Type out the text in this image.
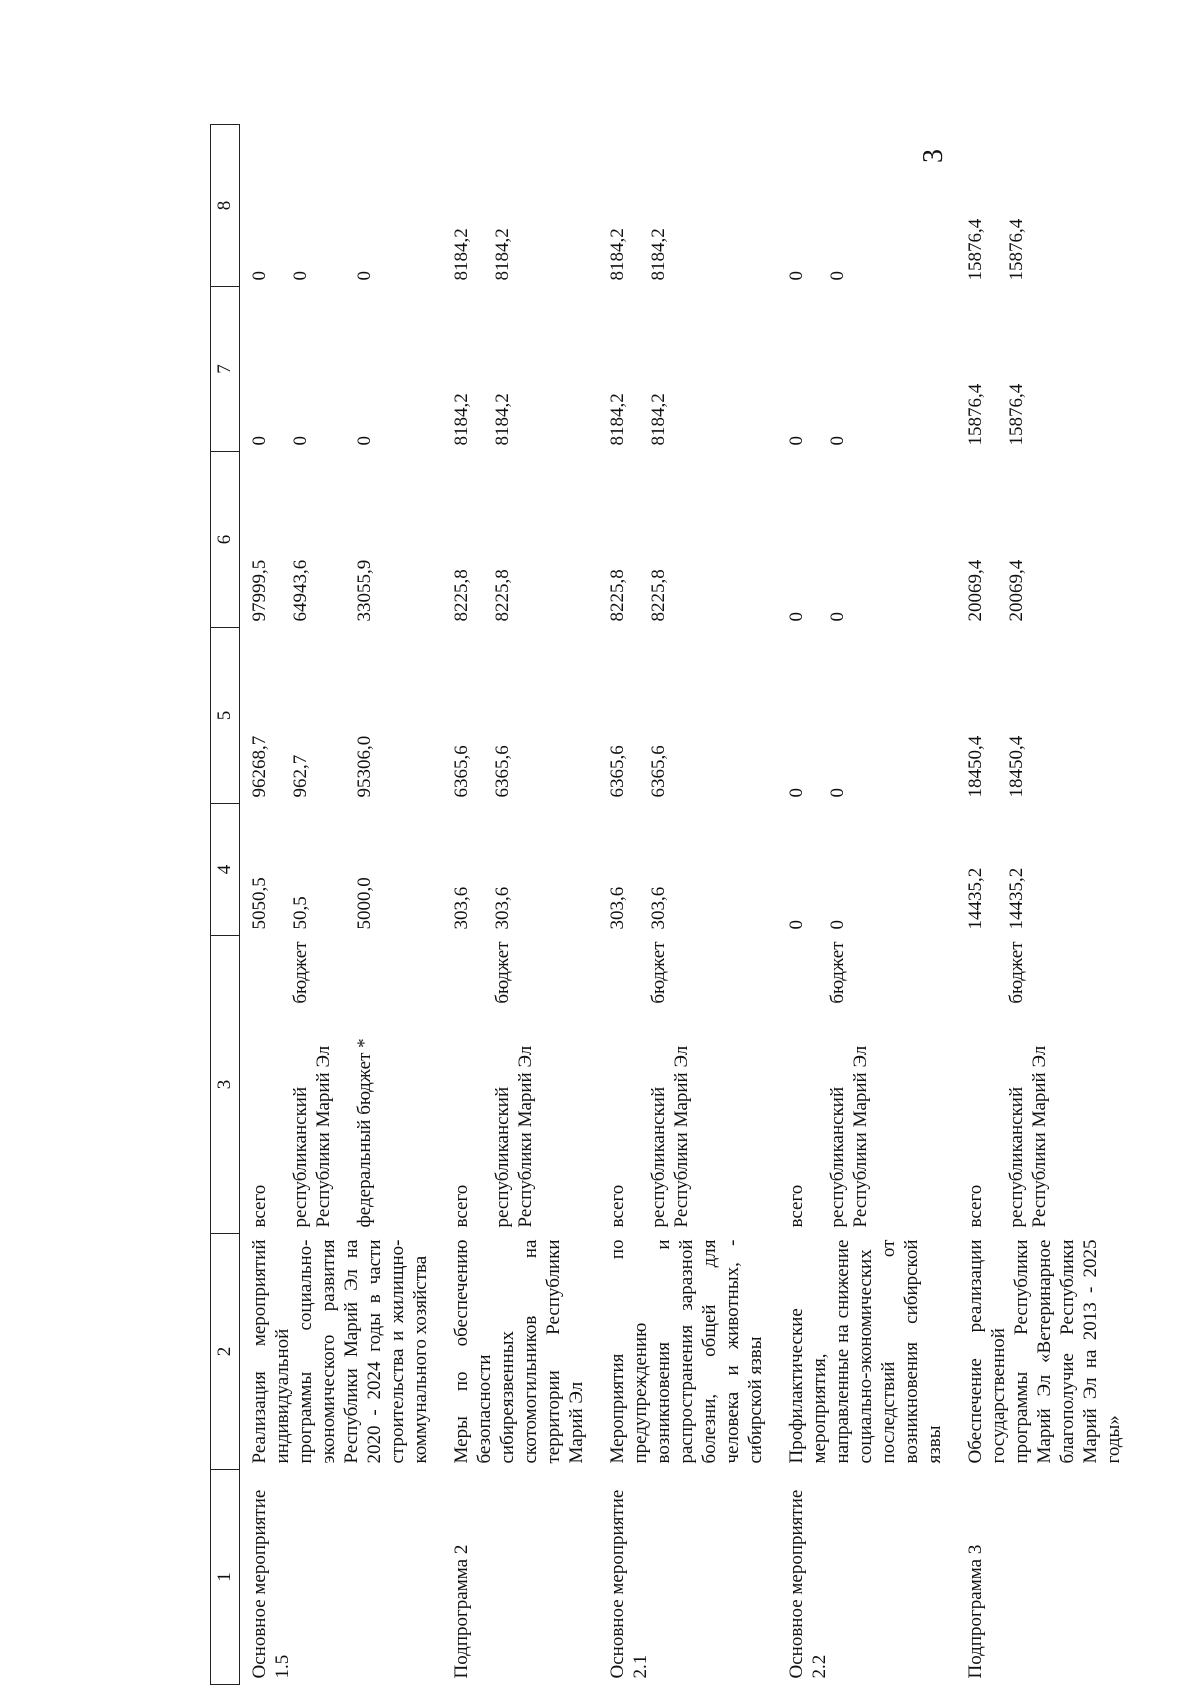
3
1	2	3	4	5	6	7	8
Основное мероприятие 1.5	Реализация мероприятий индивидуальной программы социально-экономического развития Республики Марий Эл на 2020 - 2024 годы в части строительства и жилищно-коммунального хозяйства	всего республиканский бюджет Республики Марий Эл федеральный бюджет *	5050,5 50,5 5000,0	96268,7 962,7 95306,0	97999,5 64943,6 33055,9	0 0 0	0 0 0

Подпрограмма 2	Меры по обеспечению безопасности сибиреязвенных скотомогильников на территории Республики Марий Эл	всего республиканский бюджет Республики Марий Эл	303,6 303,6	6365,6 6365,6	8225,8 8225,8	8184,2 8184,2	8184,2 8184,2

Основное мероприятие 2.1	Мероприятия по предупреждению возникновения и распространения заразной болезни, общей для человека и животных, - сибирской язвы	всего республиканский бюджет Республики Марий Эл	303,6 303,6	6365,6 6365,6	8225,8 8225,8	8184,2 8184,2	8184,2 8184,2

Основное мероприятие 2.2	Профилактические мероприятия, направленные на снижение социально-экономических последствий от возникновения сибирской язвы	всего республиканский бюджет Республики Марий Эл	0 0	0 0	0 0	0 0	0 0

Подпрограмма 3	Обеспечение реализации государственной программы Республики Марий Эл «Ветеринарное благополучие Республики Марий Эл на 2013 - 2025 годы»	всего республиканский бюджет Республики Марий Эл	14435,2 14435,2	18450,4 18450,4	20069,4 20069,4	15876,4 15876,4	15876,4 15876,4
